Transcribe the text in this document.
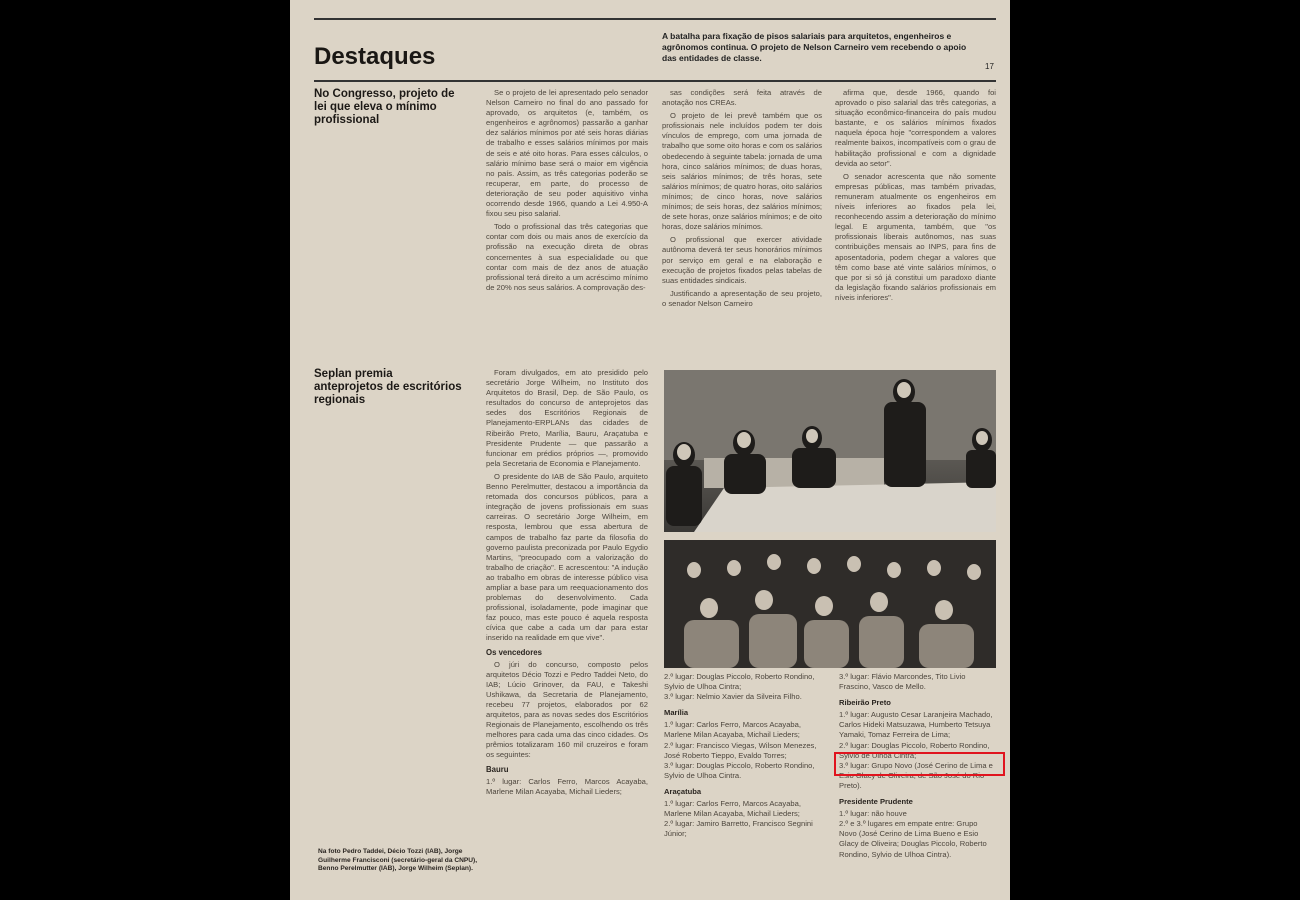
Destaques
A batalha para fixação de pisos salariais para arquitetos, engenheiros e agrônomos continua. O projeto de Nelson Carneiro vem recebendo o apoio das entidades de classe.
17
No Congresso, projeto de lei que eleva o mínimo profissional

Se o projeto de lei apresentado pelo senador Nelson Carneiro no final do ano passado for aprovado, os arquitetos (e, também, os engenheiros e agrônomos) passarão a ganhar dez salários mínimos por até seis horas diárias de trabalho e esses salários mínimos por mais de seis e até oito horas. Para esses cálculos, o salário mínimo base será o maior em vigência no país. Assim, as três categorias poderão se recuperar, em parte, do processo de deterioração de seu poder aquisitivo vinha ocorrendo desde 1966, quando a Lei 4.950-A fixou seu piso salarial.

Todo o profissional das três categorias que contar com dois ou mais anos de exercício da profissão na execução direta de obras concernentes à sua especialidade ou que contar com mais de dez anos de atuação profissional terá direito a um acréscimo mínimo de 20% nos seus salários. A comprovação des-

sas condições será feita através de anotação nos CREAs.

O projeto de lei prevê também que os profissionais nele incluídos podem ter dois vínculos de emprego, com uma jornada de trabalho que some oito horas e com os salários obedecendo à seguinte tabela: jornada de uma hora, cinco salários mínimos; de duas horas, seis salários mínimos; de três horas, sete salários mínimos; de quatro horas, oito salários mínimos; de cinco horas, nove salários mínimos; de seis horas, dez salários mínimos; de sete horas, onze salários mínimos; e de oito horas, doze salários mínimos.

O profissional que exercer atividade autônoma deverá ter seus honorários mínimos por serviço em geral e na elaboração e execução de projetos fixados pelas tabelas de suas entidades sindicais.

Justificando a apresentação de seu projeto, o senador Nelson Carneiro

afirma que, desde 1966, quando foi aprovado o piso salarial das três categorias, a situação econômico-financeira do país mudou bastante, e os salários mínimos fixados naquela época hoje "correspondem a valores realmente baixos, incompatíveis com o grau de habilitação profissional e com a dignidade devida ao setor".

O senador acrescenta que não somente empresas públicas, mas também privadas, remuneram atualmente os engenheiros em níveis inferiores ao fixados pela lei, reconhecendo assim a deterioração do mínimo legal. E argumenta, também, que "os profissionais liberais autônomos, nas suas contribuições mensais ao INPS, para fins de aposentadoria, podem chegar a valores que têm como base até vinte salários mínimos, o que por si só já constitui um paradoxo diante da legislação fixando salários profissionais em níveis inferiores".

Seplan premia anteprojetos de escritórios regionais

Foram divulgados, em ato presidido pelo secretário Jorge Wilheim, no Instituto dos Arquitetos do Brasil, Dep. de São Paulo, os resultados do concurso de anteprojetos das sedes dos Escritórios Regionais de Planejamento-ERPLANs das cidades de Ribeirão Preto, Marília, Bauru, Araçatuba e Presidente Prudente — que passarão a funcionar em prédios próprios —, promovido pela Secretaria de Economia e Planejamento.

O presidente do IAB de São Paulo, arquiteto Benno Perelmutter, destacou a importância da retomada dos concursos públicos, para a integração de jovens profissionais em suas carreiras. O secretário Jorge Wilheim, em resposta, lembrou que essa abertura de campos de trabalho faz parte da filosofia do governo paulista preconizada por Paulo Egydio Martins, "preocupado com a valorização do trabalho de criação". E acrescentou: "A indução ao trabalho em obras de interesse público visa ampliar a base para um reequacionamento dos problemas do desenvolvimento. Cada profissional, isoladamente, pode imaginar que faz pouco, mas este pouco é aquela resposta cívica que cabe a cada um dar para estar inserido na realidade em que vive".

Os vencedores

O júri do concurso, composto pelos arquitetos Décio Tozzi e Pedro Taddei Neto, do IAB; Lúcio Grinover, da FAU, e Takeshi Ushikawa, da Secretaria de Planejamento, recebeu 77 projetos, elaborados por 62 arquitetos, para as novas sedes dos Escritórios Regionais de Planejamento, escolhendo os três melhores para cada uma das cinco cidades. Os prêmios totalizaram 160 mil cruzeiros e foram os seguintes:

Bauru
1.º lugar: Carlos Ferro, Marcos Acayaba, Marlene Milan Acayaba, Michail Lieders;
2.º lugar: Douglas Piccolo, Roberto Rondino, Sylvio de Ulhoa Cintra;
3.º lugar: Nelmio Xavier da Silveira Filho.
Marília
1.º lugar: Carlos Ferro, Marcos Acayaba, Marlene Milan Acayaba, Michail Lieders;
2.º lugar: Francisco Viegas, Wilson Menezes, José Roberto Tieppo, Evaldo Torres;
3.º lugar: Douglas Piccolo, Roberto Rondino, Sylvio de Ulhoa Cintra.
Araçatuba
1.º lugar: Carlos Ferro, Marcos Acayaba, Marlene Milan Acayaba, Michail Lieders;
2.º lugar: Jamiro Barretto, Francisco Segnini Júnior;
3.º lugar: Flávio Marcondes, Tito Livio Frascino, Vasco de Mello.
Ribeirão Preto
1.º lugar: Augusto Cesar Laranjeira Machado, Carlos Hideki Matsuzawa, Humberto Tetsuya Yamaki, Tomaz Ferreira de Lima;
2.º lugar: Douglas Piccolo, Roberto Rondino, Sylvio de Ulhoa Cintra;
3.º lugar: Grupo Novo (José Cerino de Lima e Esio Glacy de Oliveira, de São José do Rio Preto).
Presidente Prudente
1.º lugar: não houve
2.º e 3.º lugares em empate entre: Grupo Novo (José Cerino de Lima Bueno e Esio Glacy de Oliveira; Douglas Piccolo, Roberto Rondino, Sylvio de Ulhoa Cintra).
Na foto Pedro Taddei, Décio Tozzi (IAB), Jorge Guilherme Francisconi (secretário-geral da CNPU), Benno Perelmutter (IAB), Jorge Wilheim (Seplan).
